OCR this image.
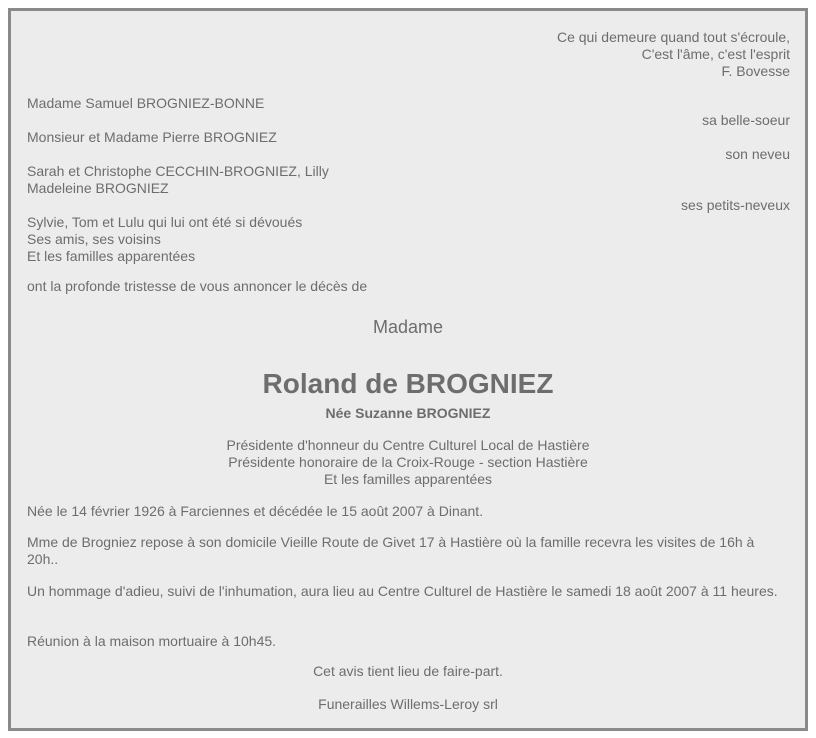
Ce qui demeure quand tout s'écroule,
C'est l'âme, c'est l'esprit
F. Bovesse
Madame Samuel BROGNIEZ-BONNE
sa belle-soeur
Monsieur et Madame Pierre BROGNIEZ
son neveu
Sarah et Christophe CECCHIN-BROGNIEZ, Lilly
Madeleine BROGNIEZ
ses petits-neveux
Sylvie, Tom et Lulu qui lui ont été si dévoués
Ses amis, ses voisins
Et les familles apparentées
ont la profonde tristesse de vous annoncer le décès de
Madame
Roland de BROGNIEZ
Née Suzanne BROGNIEZ
Présidente d'honneur du Centre Culturel Local de Hastière
Présidente honoraire de la Croix-Rouge - section Hastière
Et les familles apparentées
Née le 14 février 1926 à Farciennes et décédée le 15 août 2007 à Dinant.
Mme de Brogniez repose à son domicile Vieille Route de Givet 17 à Hastière où la famille recevra les visites de 16h à 20h..
Un hommage d'adieu, suivi de l'inhumation, aura lieu au Centre Culturel de Hastière le samedi 18 août 2007 à 11 heures.
Réunion à la maison mortuaire à 10h45.
Cet avis tient lieu de faire-part.
Funerailles Willems-Leroy srl
